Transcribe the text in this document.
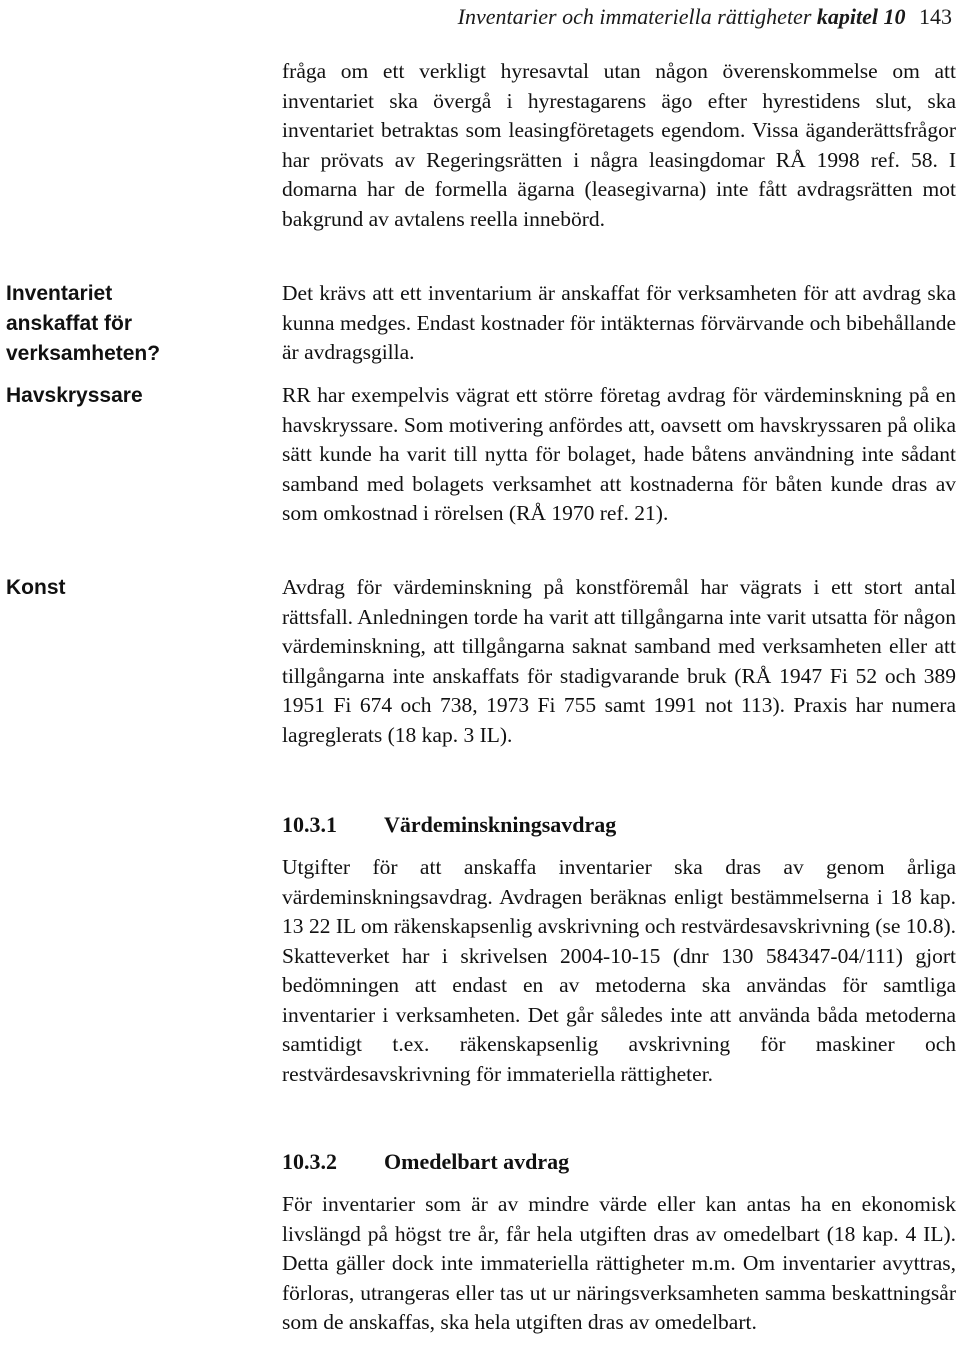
Inventarier och immateriella rättigheter kapitel 10 143
Inventariet anskaffat för verksamheten?
Havskryssare
Konst

fråga om ett verkligt hyresavtal utan någon överenskommelse om att inventariet ska övergå i hyrestagarens ägo efter hyrestidens slut, ska inventariet betraktas som leasingföretagets egendom. Vissa äganderättsfrågor har prövats av Regeringsrätten i några leasingdomar RÅ 1998 ref. 58. I domarna har de formella ägarna (leasegivarna) inte fått avdragsrätten mot bakgrund av avtalens reella innebörd.

Det krävs att ett inventarium är anskaffat för verksamheten för att avdrag ska kunna medges. Endast kostnader för intäkternas förvärvande och bibehållande är avdragsgilla.

RR har exempelvis vägrat ett större företag avdrag för värdeminskning på en havskryssare. Som motivering anfördes att, oavsett om havskryssaren på olika sätt kunde ha varit till nytta för bolaget, hade båtens användning inte sådant samband med bolagets verksamhet att kostnaderna för båten kunde dras av som omkostnad i rörelsen (RÅ 1970 ref. 21).

Avdrag för värdeminskning på konstföremål har vägrats i ett stort antal rättsfall. Anledningen torde ha varit att tillgångarna inte varit utsatta för någon värdeminskning, att tillgångarna saknat samband med verksamheten eller att tillgångarna inte anskaffats för stadigvarande bruk (RÅ 1947 Fi 52 och 389 1951 Fi 674 och 738, 1973 Fi 755 samt 1991 not 113). Praxis har numera lagreglerats (18 kap. 3 IL).

10.3.1 Värdeminskningsavdrag

Utgifter för att anskaffa inventarier ska dras av genom årliga värdeminskningsavdrag. Avdragen beräknas enligt bestämmelserna i 18 kap. 13 22 IL om räkenskapsenlig avskrivning och restvärdesavskrivning (se 10.8). Skatteverket har i skrivelsen 2004-10-15 (dnr 130 584347-04/111) gjort bedömningen att endast en av metoderna ska användas för samtliga inventarier i verksamheten. Det går således inte att använda båda metoderna samtidigt t.ex. räkenskapsenlig avskrivning för maskiner och restvärdesavskrivning för immateriella rättigheter.

10.3.2 Omedelbart avdrag

För inventarier som är av mindre värde eller kan antas ha en ekonomisk livslängd på högst tre år, får hela utgiften dras av omedelbart (18 kap. 4 IL). Detta gäller dock inte immateriella rättigheter m.m. Om inventarier avyttras, förloras, utrangeras eller tas ut ur näringsverksamheten samma beskattningsår som de anskaffas, ska hela utgiften dras av omedelbart.
